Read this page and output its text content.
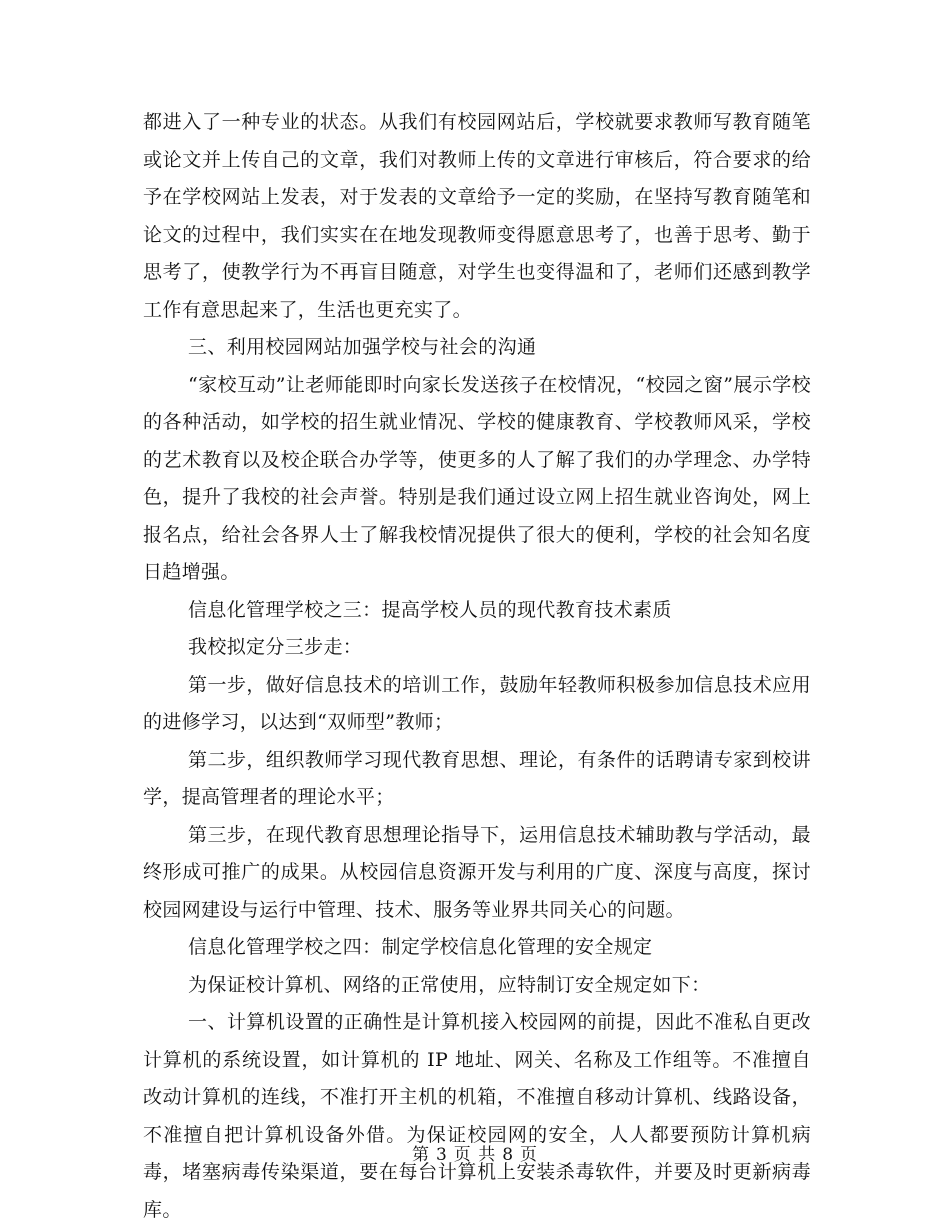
都进入了一种专业的状态。从我们有校园网站后，学校就要求教师写教育随笔或论文并上传自己的文章，我们对教师上传的文章进行审核后，符合要求的给予在学校网站上发表，对于发表的文章给予一定的奖励，在坚持写教育随笔和论文的过程中，我们实实在在地发现教师变得愿意思考了，也善于思考、勤于思考了，使教学行为不再盲目随意，对学生也变得温和了，老师们还感到教学工作有意思起来了，生活也更充实了。

三、利用校园网站加强学校与社会的沟通

“家校互动”让老师能即时向家长发送孩子在校情况，“校园之窗”展示学校的各种活动，如学校的招生就业情况、学校的健康教育、学校教师风采，学校的艺术教育以及校企联合办学等，使更多的人了解了我们的办学理念、办学特色，提升了我校的社会声誉。特别是我们通过设立网上招生就业咨询处，网上报名点，给社会各界人士了解我校情况提供了很大的便利，学校的社会知名度日趋增强。

信息化管理学校之三：提高学校人员的现代教育技术素质

我校拟定分三步走：

第一步，做好信息技术的培训工作，鼓励年轻教师积极参加信息技术应用的进修学习，以达到“双师型”教师；

第二步，组织教师学习现代教育思想、理论，有条件的话聘请专家到校讲学，提高管理者的理论水平；

第三步，在现代教育思想理论指导下，运用信息技术辅助教与学活动，最终形成可推广的成果。从校园信息资源开发与利用的广度、深度与高度，探讨校园网建设与运行中管理、技术、服务等业界共同关心的问题。

信息化管理学校之四：制定学校信息化管理的安全规定

为保证校计算机、网络的正常使用，应特制订安全规定如下：

一、计算机设置的正确性是计算机接入校园网的前提，因此不准私自更改计算机的系统设置，如计算机的 IP 地址、网关、名称及工作组等。不准擅自改动计算机的连线，不准打开主机的机箱，不准擅自移动计算机、线路设备，不准擅自把计算机设备外借。为保证校园网的安全，人人都要预防计算机病毒，堵塞病毒传染渠道，要在每台计算机上安装杀毒软件，并要及时更新病毒库。

第 3 页 共 8 页
